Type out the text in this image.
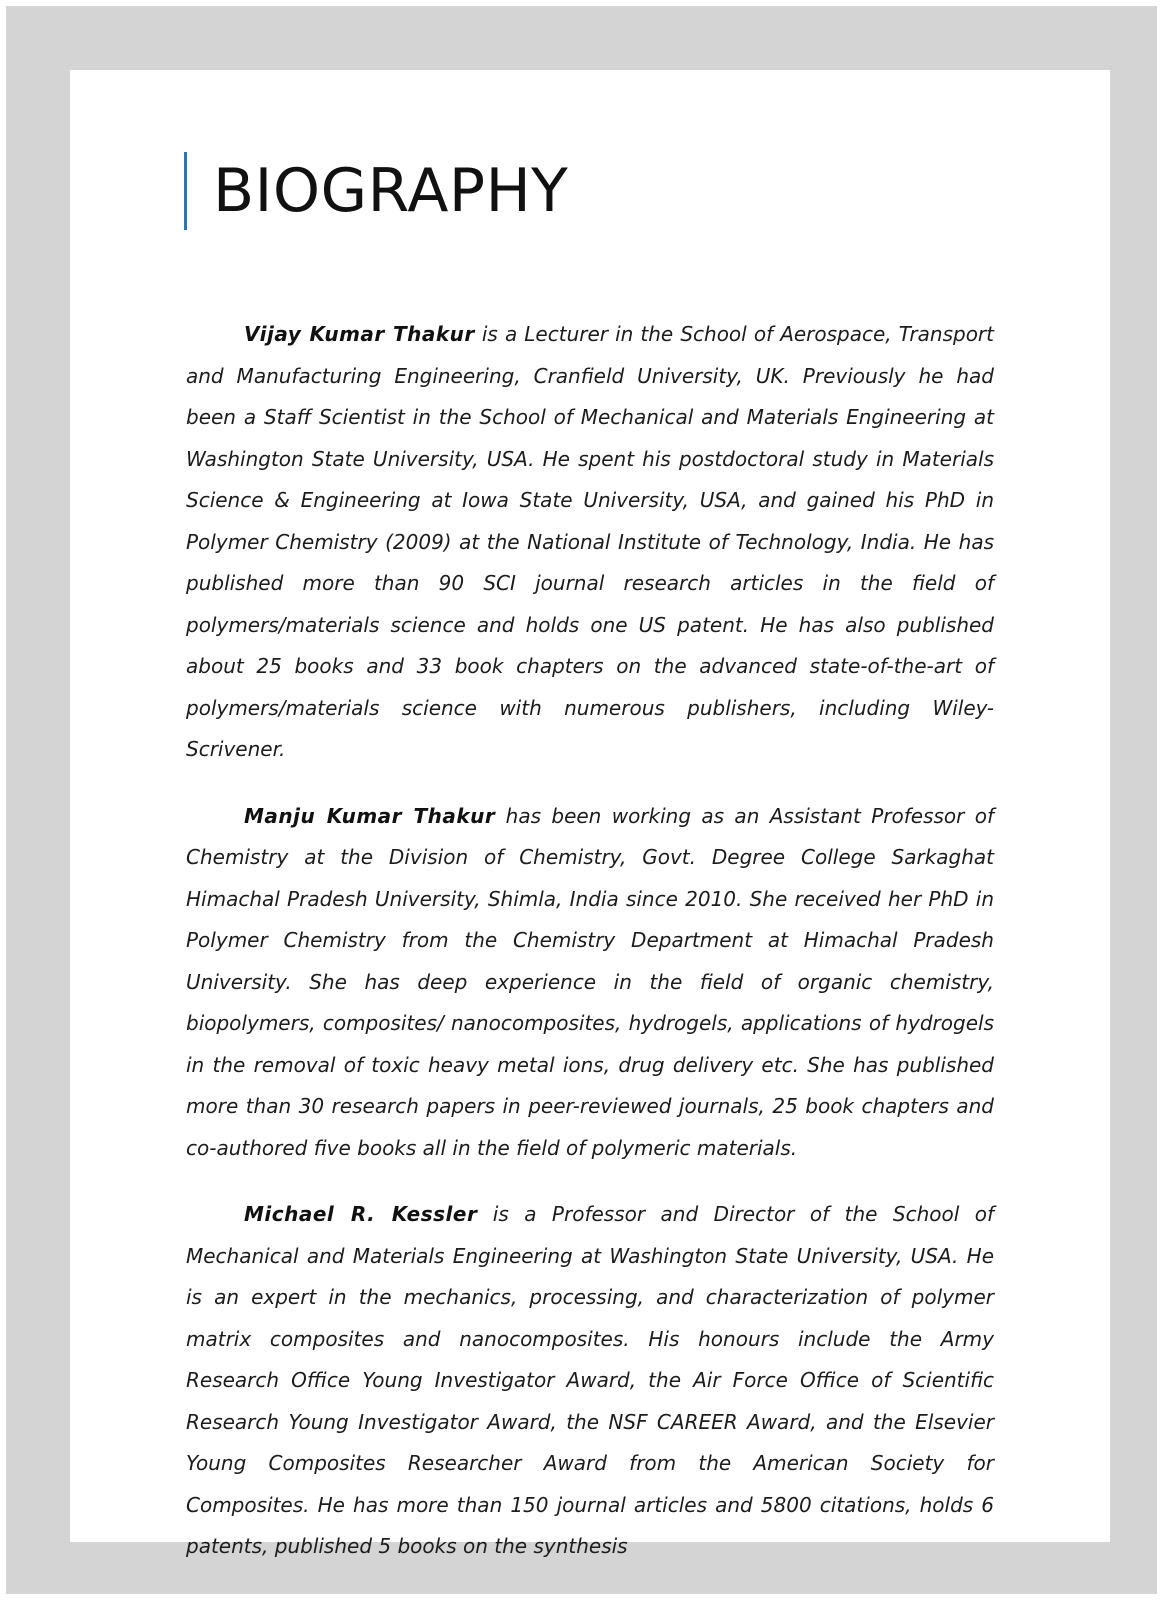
BIOGRAPHY

Vijay Kumar Thakur is a Lecturer in the School of Aerospace, Transport and Manufacturing Engineering, Cranfield University, UK. Previously he had been a Staff Scientist in the School of Mechanical and Materials Engineering at Washington State University, USA. He spent his postdoctoral study in Materials Science & Engineering at Iowa State University, USA, and gained his PhD in Polymer Chemistry (2009) at the National Institute of Technology, India. He has published more than 90 SCI journal research articles in the field of polymers/materials science and holds one US patent. He has also published about 25 books and 33 book chapters on the advanced state-of-the-art of polymers/materials science with numerous publishers, including Wiley-Scrivener.

Manju Kumar Thakur has been working as an Assistant Professor of Chemistry at the Division of Chemistry, Govt. Degree College Sarkaghat Himachal Pradesh University, Shimla, India since 2010. She received her PhD in Polymer Chemistry from the Chemistry Department at Himachal Pradesh University. She has deep experience in the field of organic chemistry, biopolymers, composites/ nanocomposites, hydrogels, applications of hydrogels in the removal of toxic heavy metal ions, drug delivery etc. She has published more than 30 research papers in peer-reviewed journals, 25 book chapters and co-authored five books all in the field of polymeric materials.

Michael R. Kessler is a Professor and Director of the School of Mechanical and Materials Engineering at Washington State University, USA. He is an expert in the mechanics, processing, and characterization of polymer matrix composites and nanocomposites. His honours include the Army Research Office Young Investigator Award, the Air Force Office of Scientific Research Young Investigator Award, the NSF CAREER Award, and the Elsevier Young Composites Researcher Award from the American Society for Composites. He has more than 150 journal articles and 5800 citations, holds 6 patents, published 5 books on the synthesis
